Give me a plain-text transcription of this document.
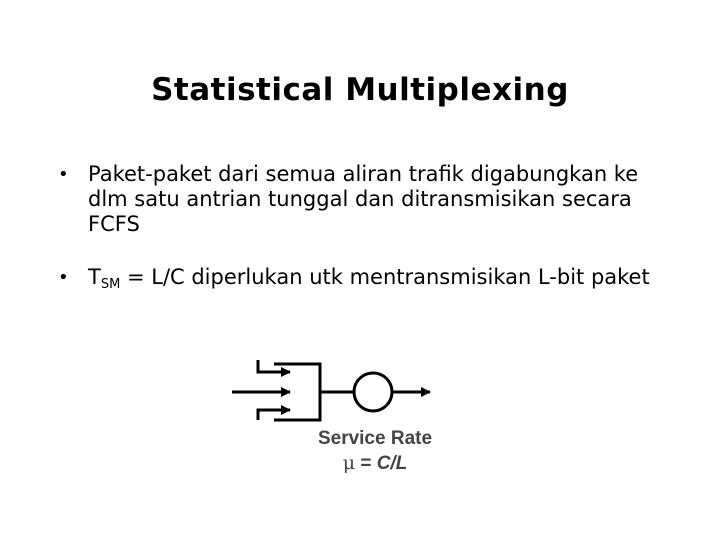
Statistical Multiplexing
• Paket-paket dari semua aliran trafik digabungkan ke dlm satu antrian tunggal dan ditransmisikan secara FCFS
• $T_{SM} = L/C$ diperlukan utk mentransmisikan L-bit paket
Service Rate
μ = C/L
